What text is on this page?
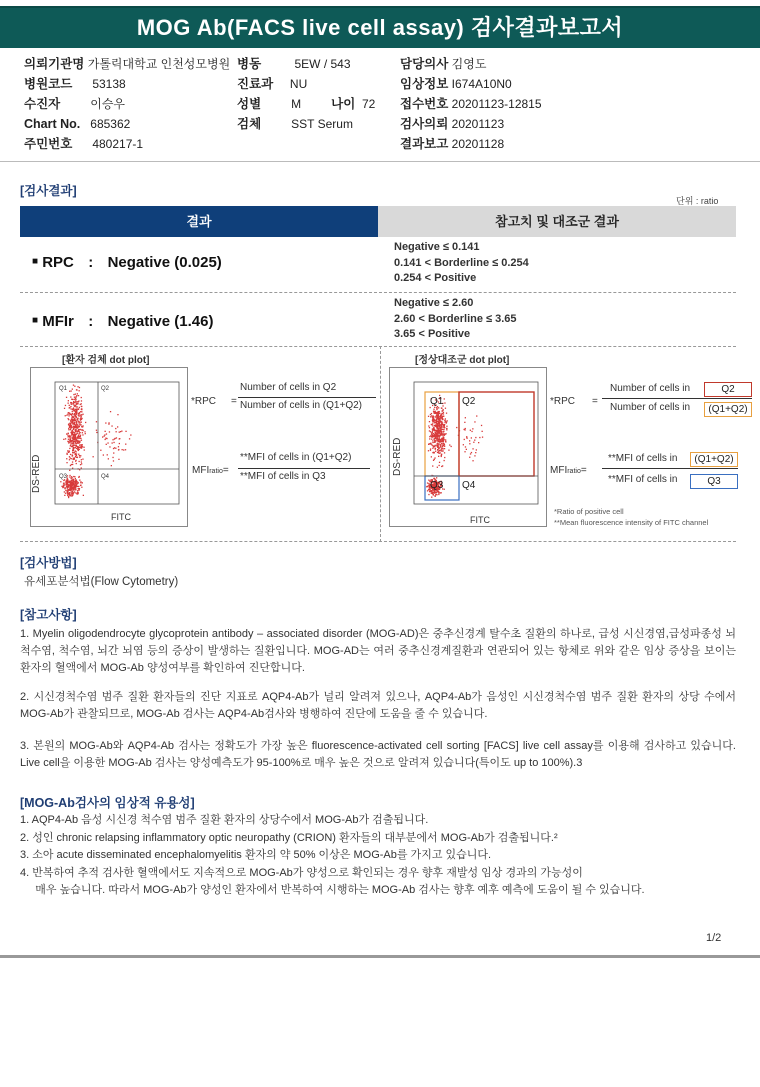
MOG Ab(FACS live cell assay) 검사결과보고서
의뢰기관명 가톨릭대학교 인천성모병원
병원코드 53138
수진자	이승우
Chart No. 685362
주민번호 480217-1
병동	5EW / 543
진료과 NU
성별	M 나이 72
검체	SST Serum
담당의사 김영도
임상정보 I674A10N0
접수번호 20201123-12815
검사의뢰 20201123
결과보고 20201128
[검사결과]
단위 : ratio
결과	참고치 및 대조군 결과
■ RPC : Negative (0.025)
Negative ≤ 0.141
0.141 < Borderline ≤ 0.254
0.254 < Positive
■ MFIr : Negative (1.46)
Negative ≤ 2.60
2.60 < Borderline ≤ 3.65
3.65 < Positive
[환자 검체 dot plot]
Q1	Q2
Q3	Q4
DS-RED
FITC
*RPC =
Number of cells in Q2
Number of cells in (Q1+Q2)
MFIratio=
**MFI of cells in (Q1+Q2)
**MFI of cells in Q3
[정상대조군 dot plot]
Q1 Q2
Q3 Q4
DS-RED
FITC
*RPC =
Number of cells in	Q2
Number of cells in	(Q1+Q2)
MFIratio=
**MFI of cells in	(Q1+Q2)
**MFI of cells in	Q3
*Ratio of positive cell
**Mean fluorescence intensity of FITC channel
[검사방법]
유세포분석법(Flow Cytometry)
[참고사항]
1. Myelin oligodendrocyte glycoprotein antibody – associated disorder (MOG-AD)은 중추신경계 탈수초 질환의 하나로, 급성 시신경염,급성파종성 뇌척수염, 척수염, 뇌간 뇌염 등의 증상이 발생하는 질환입니다. MOG-AD는 여러 중추신경계질환과 연관되어 있는 항체로 위와 같은 임상 증상을 보이는 환자의 혈액에서 MOG-Ab 양성여부를 확인하여 진단합니다.
2. 시신경척수염 범주 질환 환자들의 진단 지표로 AQP4-Ab가 널리 알려져 있으나, AQP4-Ab가 음성인 시신경척수염 범주 질환 환자의 상당 수에서 MOG-Ab가 관찰되므로, MOG-Ab 검사는 AQP4-Ab검사와 병행하여 진단에 도움을 줄 수 있습니다.
3. 본원의 MOG-Ab와 AQP4-Ab 검사는 정확도가 가장 높은 fluorescence-activated cell sorting [FACS] live cell assay를 이용해 검사하고 있습니다. Live cell을 이용한 MOG-Ab 검사는 양성예측도가 95-100%로 매우 높은 것으로 알려져 있습니다(특이도 up to 100%).3
[MOG-Ab검사의 임상적 유용성]
1. AQP4-Ab 음성 시신경 척수염 범주 질환 환자의 상당수에서 MOG-Ab가 검출됩니다.
2. 성인 chronic relapsing inflammatory optic neuropathy (CRION) 환자들의 대부분에서 MOG-Ab가 검출됩니다.²
3. 소아 acute disseminated encephalomyelitis 환자의 약 50% 이상은 MOG-Ab를 가지고 있습니다.
4. 반복하여 추적 검사한 혈액에서도 지속적으로 MOG-Ab가 양성으로 확인되는 경우 향후 재발성 임상 경과의 가능성이
매우 높습니다. 따라서 MOG-Ab가 양성인 환자에서 반복하여 시행하는 MOG-Ab 검사는 향후 예후 예측에 도움이 될 수 있습니다.
1/2
